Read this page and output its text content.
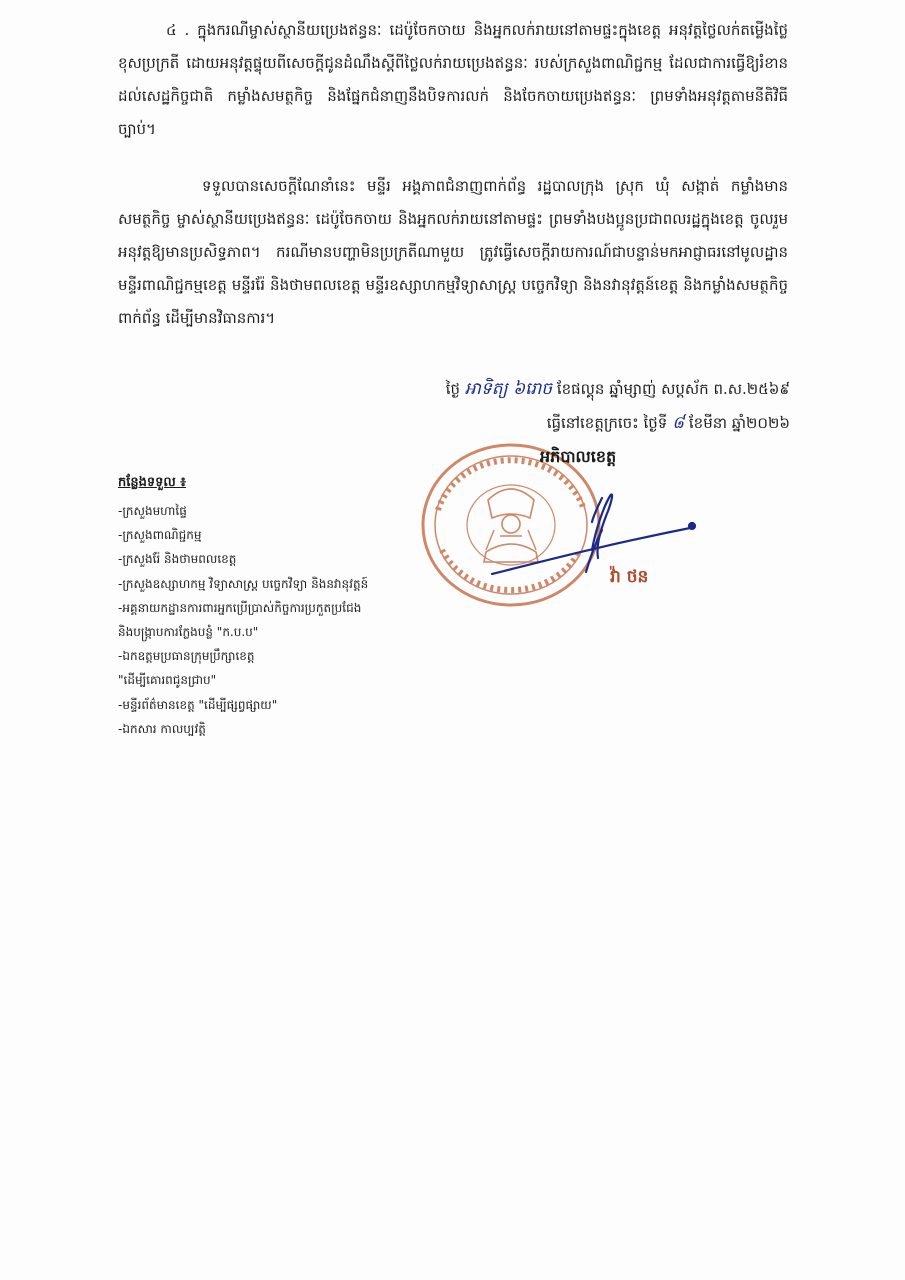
៤ . ក្នុងករណីម្ចាស់ស្ថានីយប្រេងឥន្ធនៈ ដេប៉ូចែកចាយ និងអ្នកលក់រាយនៅតាមផ្ទះក្នុងខេត្ត អនុវត្តថ្លៃលក់តម្លើងថ្លៃខុសប្រក្រតី ដោយអនុវត្តផ្ទុយពីសេចក្តីជូនដំណឹងស្តីពីថ្លៃលក់រាយប្រេងឥន្ធនៈ របស់ក្រសួងពាណិជ្ជកម្ម ដែលជាការធ្វើឱ្យរំខានដល់សេដ្ឋកិច្ចជាតិ កម្លាំងសមត្ថកិច្ច និងផ្នែកជំនាញនឹងបិទការលក់ និងចែកចាយប្រេងឥន្ធនៈ ព្រមទាំងអនុវត្តតាមនីតិវិធីច្បាប់។

ទទួលបានសេចក្តីណែនាំនេះ មន្ទីរ អង្គភាពជំនាញពាក់ព័ន្ធ រដ្ឋបាលក្រុង ស្រុក ឃុំ សង្កាត់ កម្លាំងមានសមត្ថកិច្ច ម្ចាស់ស្ថានីយប្រេងឥន្ធនៈ ដេប៉ូចែកចាយ និងអ្នកលក់រាយនៅតាមផ្ទះ ព្រមទាំងបងប្អូនប្រជាពលរដ្ឋក្នុងខេត្ត ចូលរួមអនុវត្តឱ្យមានប្រសិទ្ធភាព។ ករណីមានបញ្ហាមិនប្រក្រតីណាមួយ ត្រូវធ្វើសេចក្តីរាយការណ៍ជាបន្ទាន់មកអាជ្ញាធរនៅមូលដ្ឋាន មន្ទីរពាណិជ្ជកម្មខេត្ត មន្ទីររ៉ែ និងថាមពលខេត្ត មន្ទីរឧស្សាហកម្មវិទ្យាសាស្ត្រ បច្ចេកវិទ្យា និងនវានុវត្តន៍ខេត្ត និងកម្លាំងសមត្ថកិច្ចពាក់ព័ន្ធ ដើម្បីមានវិធានការ។

ថ្ងៃ អាទិត្យ ៦រោច ខែផល្គុន ឆ្នាំម្សាញ់ សប្តស័ក ព.ស.២៥៦៩
ធ្វើនៅខេត្តក្រចេះ ថ្ងៃទី ៨ ខែមីនា ឆ្នាំ២០២៦
អភិបាលខេត្ត
វ៉ា ថន

កន្លែងទទួល ៖

-ក្រសួងមហាផ្ទៃ
-ក្រសួងពាណិជ្ជកម្ម
-ក្រសួងរ៉ែ និងថាមពលខេត្ត
-ក្រសួងឧស្សាហកម្ម វិទ្យាសាស្ត្រ បច្ចេកវិទ្យា និងនវានុវត្តន៍
-អគ្គនាយកដ្ឋានការពារអ្នកប្រើប្រាស់កិច្ចការប្រកួតប្រជែង
និងបង្ក្រាបការក្លែងបន្លំ "ក.ប.ប"
-ឯកឧត្តមប្រធានក្រុមប្រឹក្សាខេត្ត
"ដើម្បីគោរពជូនជ្រាប"
-មន្ទីរព័ត៌មានខេត្ត "ដើម្បីផ្សព្វផ្សាយ"
-ឯកសារ កាលប្បវត្តិ
